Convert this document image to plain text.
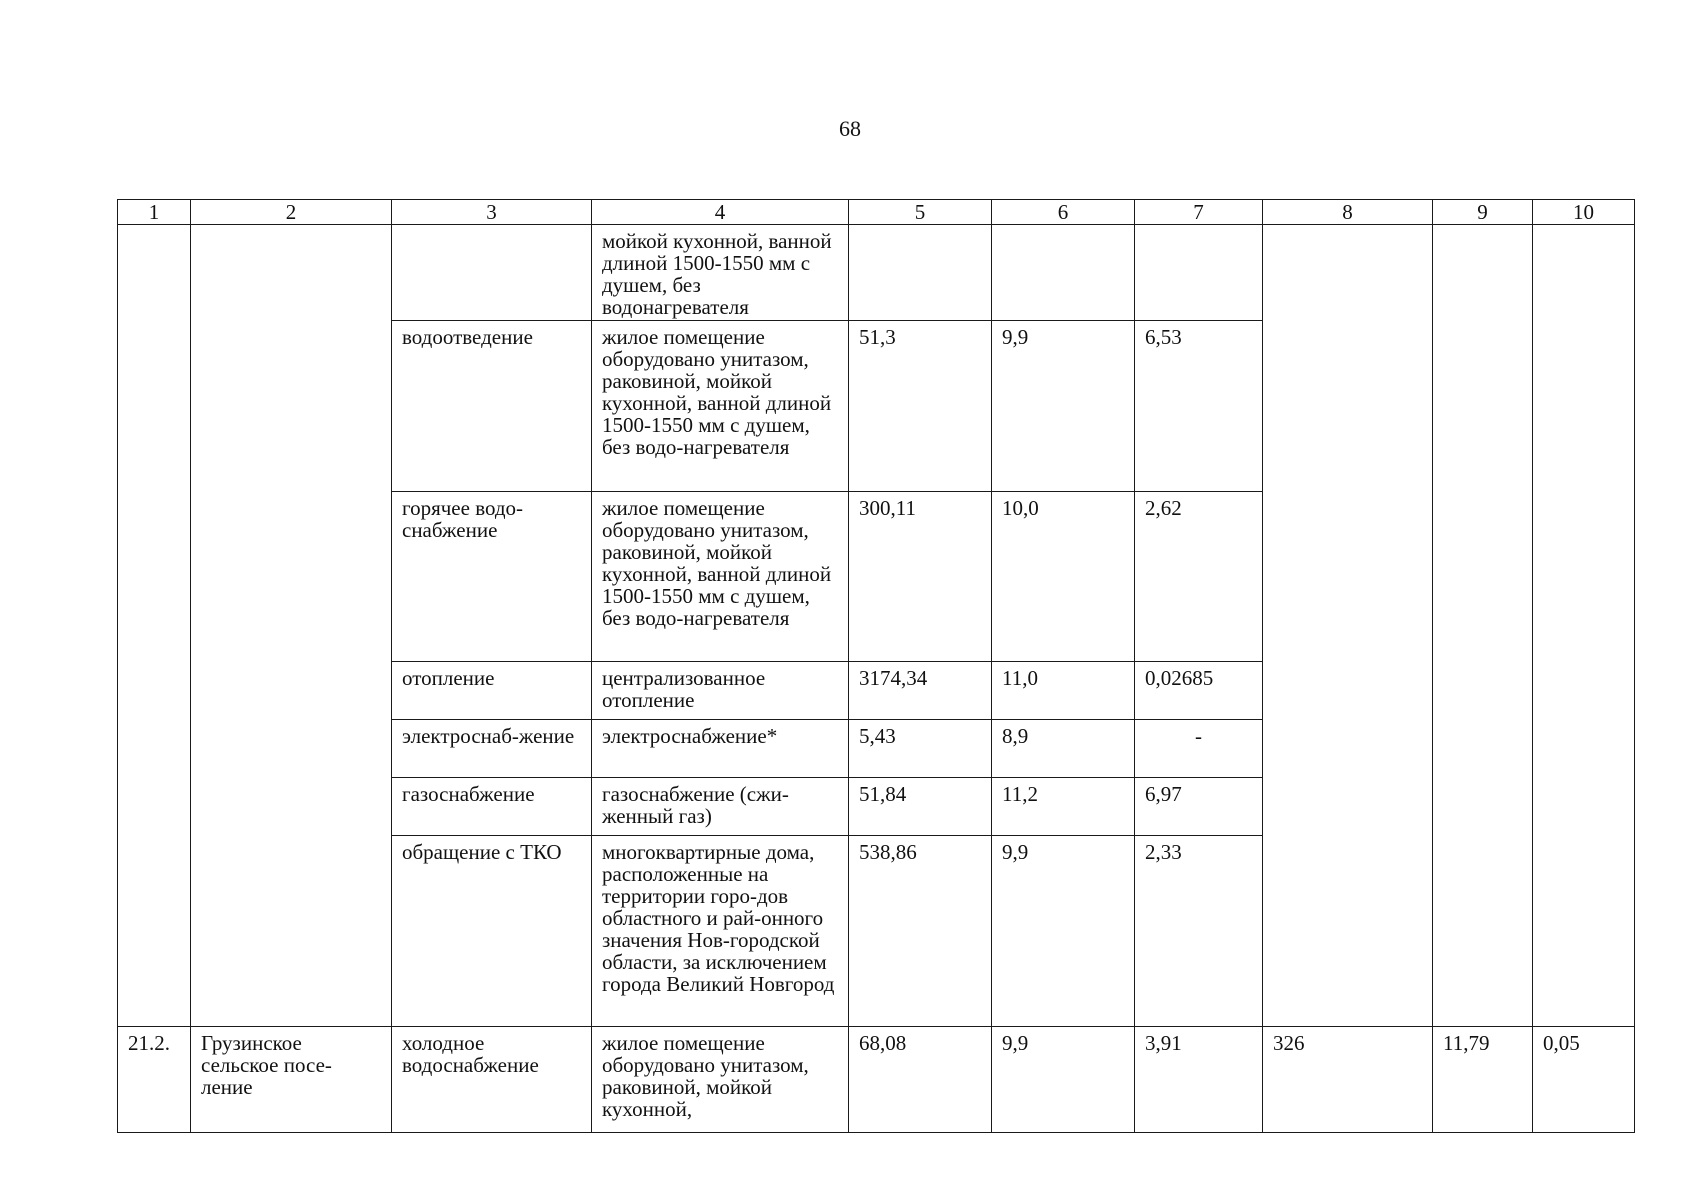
68
1	2	3	4	5	6	7	8	9	10
			мойкой кухонной, ванной длиной 1500-1550 мм с душем, без водонагревателя						
		водоотведение	жилое помещение оборудовано унитазом, раковиной, мойкой кухонной, ванной длиной 1500-1550 мм с душем, без водо-нагревателя	51,3	9,9	6,53			
		горячее водо-снабжение	жилое помещение оборудовано унитазом, раковиной, мойкой кухонной, ванной длиной 1500-1550 мм с душем, без водо-нагревателя	300,11	10,0	2,62			
		отопление	централизованное отопление	3174,34	11,0	0,02685			
		электроснаб-жение	электроснабжение*	5,43	8,9	-			
		газоснабжение	газоснабжение (сжи-женный газ)	51,84	11,2	6,97			
		обращение с ТКО	многоквартирные дома, расположенные на территории горо-дов областного и рай-онного значения Нов-городской области, за исключением города Великий Новгород	538,86	9,9	2,33			
21.2.	Грузинское сельское посе-ление	холодное водоснабжение	жилое помещение оборудовано унитазом, раковиной, мойкой кухонной,	68,08	9,9	3,91	326	11,79	0,05
